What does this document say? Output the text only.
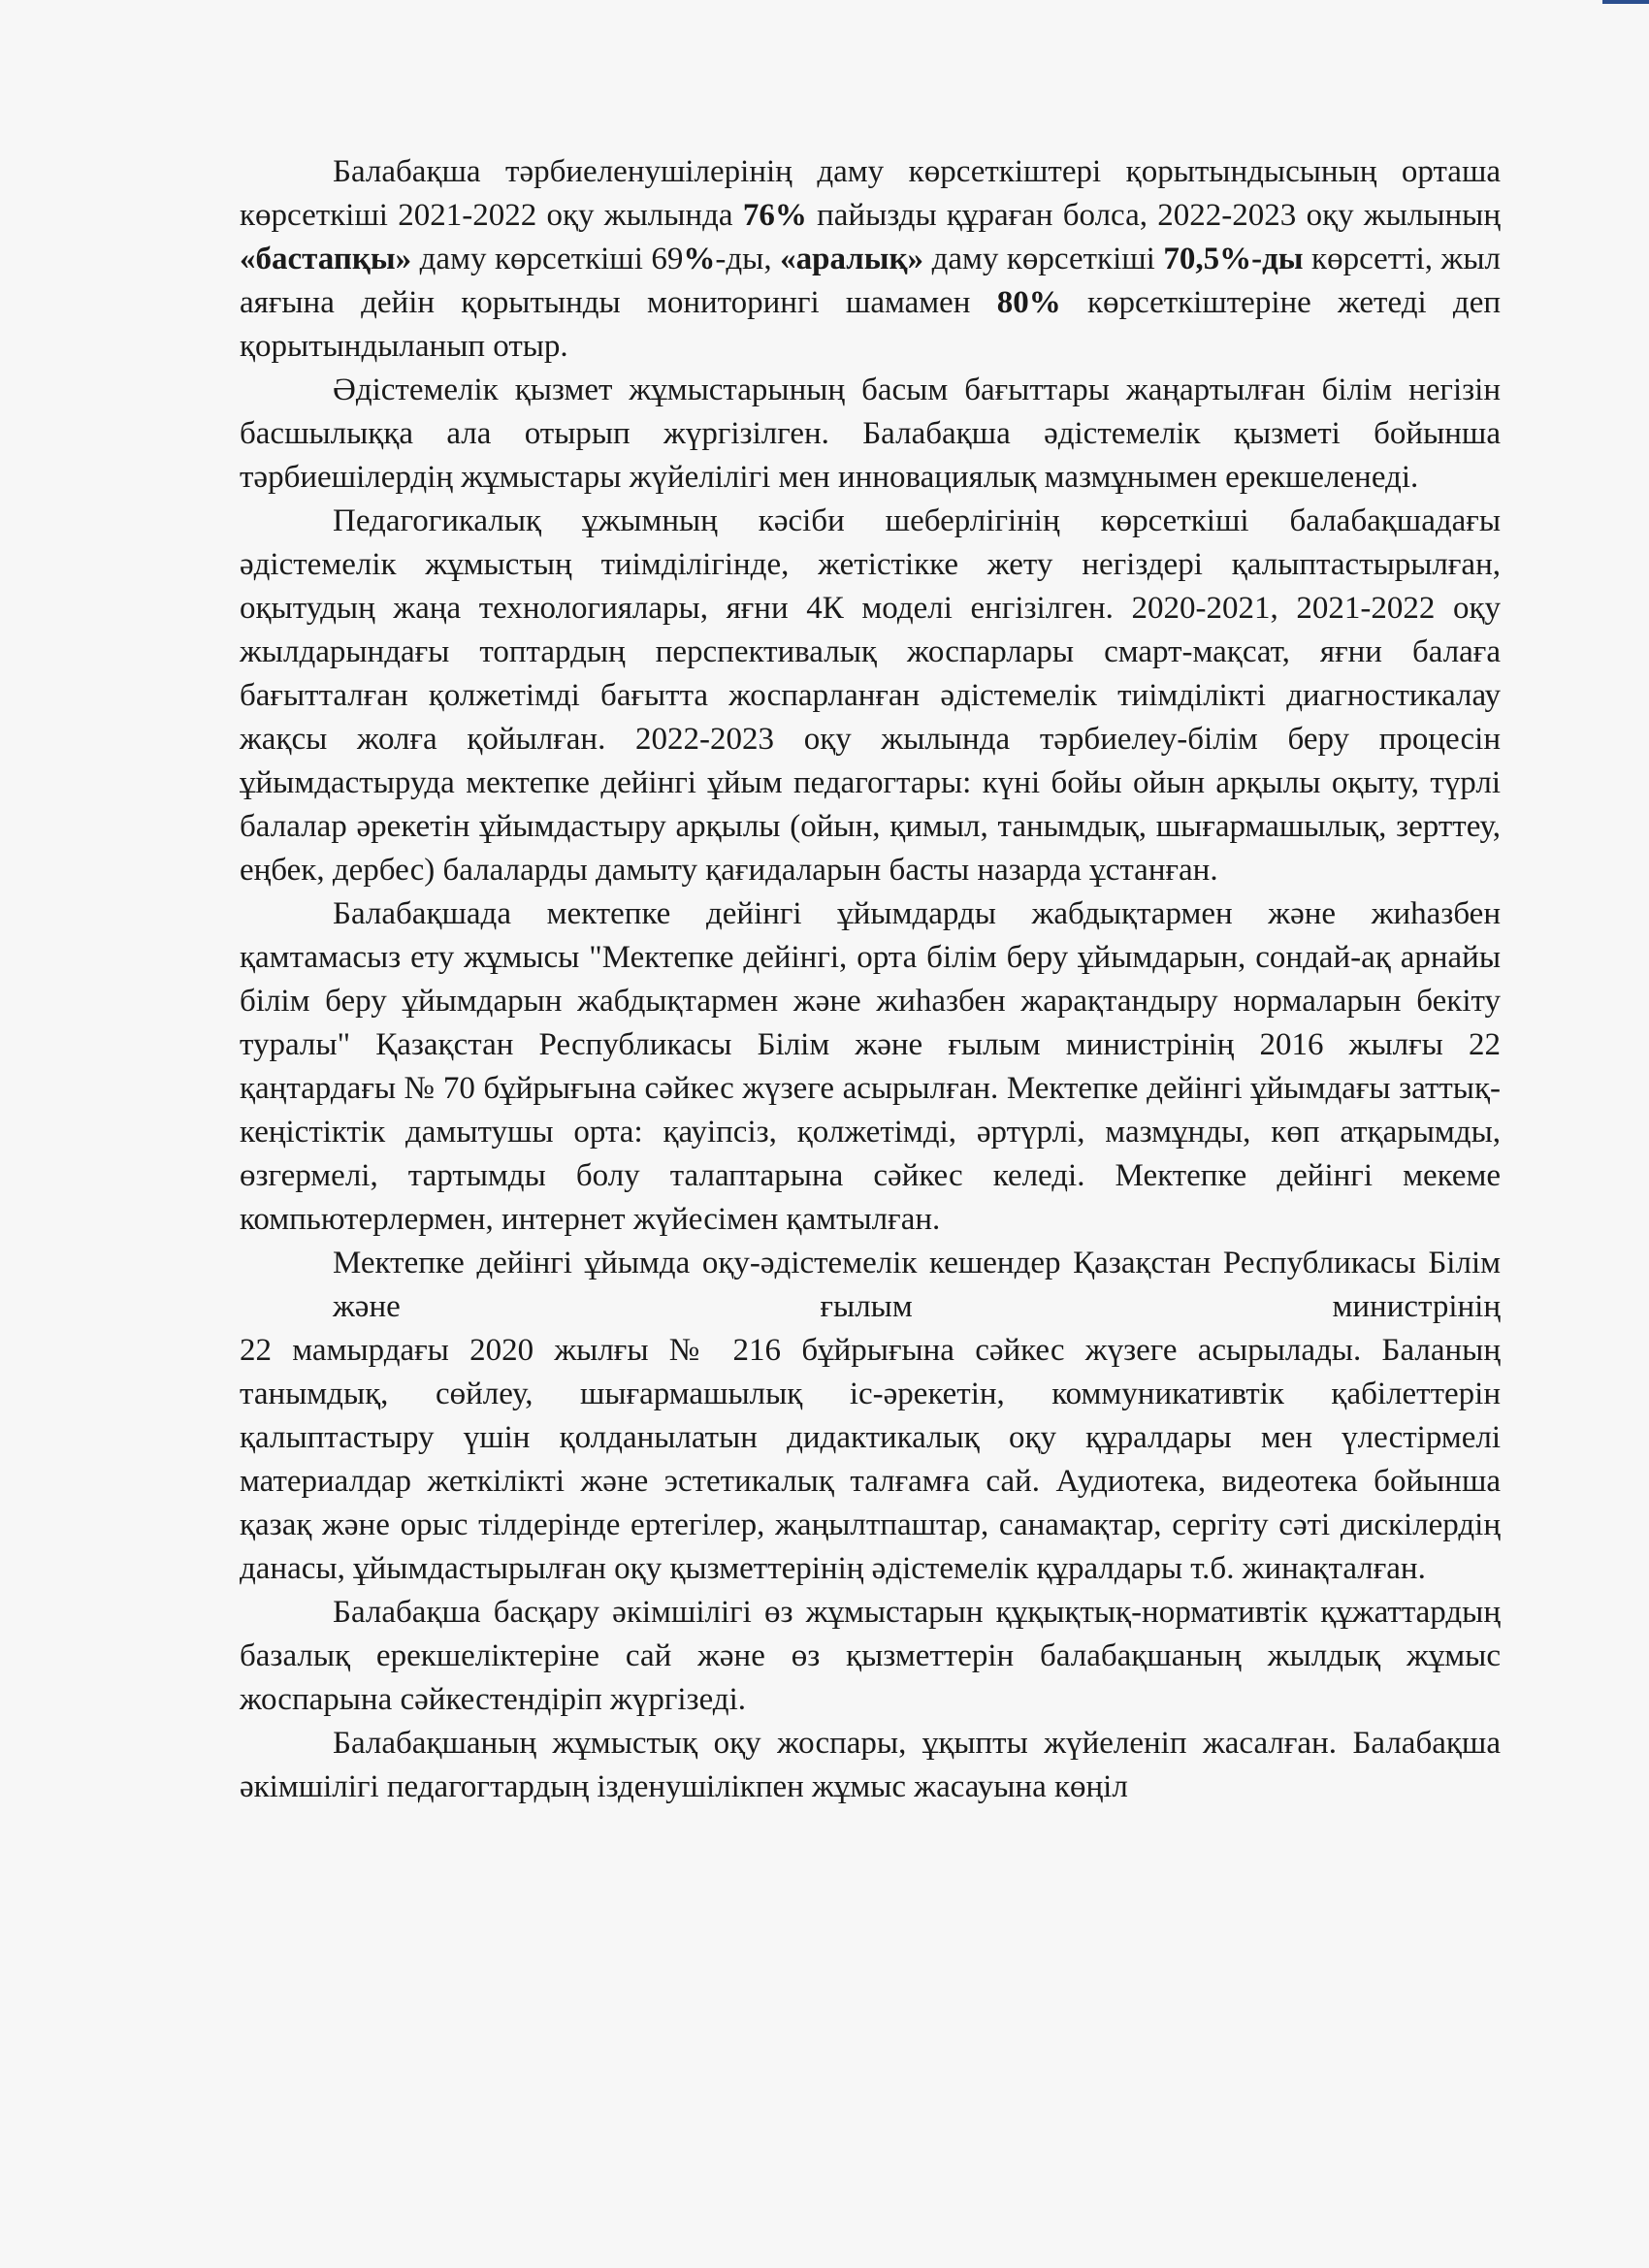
Балабақша тәрбиеленушілерінің даму көрсеткіштері қорытындысының орташа көрсеткіші 2021-2022 оқу жылында 76% пайызды құраған болса, 2022-2023 оқу жылының «бастапқы» даму көрсеткіші 69%-ды, «аралық» даму көрсеткіші 70,5%-ды көрсетті, жыл аяғына дейін қорытынды мониторингі шамамен 80% көрсеткіштеріне жетеді деп қорытындыланып отыр.

Әдістемелік қызмет жұмыстарының басым бағыттары жаңартылған білім негізін басшылыққа ала отырып жүргізілген. Балабақша әдістемелік қызметі бойынша тәрбиешілердің жұмыстары жүйелілігі мен инновациялық мазмұнымен ерекшеленеді.

Педагогикалық ұжымның кәсіби шеберлігінің көрсеткіші балабақшадағы әдістемелік жұмыстың тиімділігінде, жетістікке жету негіздері қалыптастырылған, оқытудың жаңа технологиялары, яғни 4К моделі енгізілген. 2020-2021, 2021-2022 оқу жылдарындағы топтардың перспективалық жоспарлары смарт-мақсат, яғни балаға бағытталған қолжетімді бағытта жоспарланған әдістемелік тиімділікті диагностикалау жақсы жолға қойылған. 2022-2023 оқу жылында тәрбиелеу-білім беру процесін ұйымдастыруда мектепке дейінгі ұйым педагогтары: күні бойы ойын арқылы оқыту, түрлі балалар әрекетін ұйымдастыру арқылы (ойын, қимыл, танымдық, шығармашылық, зерттеу, еңбек, дербес) балаларды дамыту қағидаларын басты назарда ұстанған.

Балабақшада мектепке дейінгі ұйымдарды жабдықтармен және жиһазбен қамтамасыз ету жұмысы "Мектепке дейінгі, орта білім беру ұйымдарын, сондай-ақ арнайы білім беру ұйымдарын жабдықтармен және жиһазбен жарақтандыру нормаларын бекіту туралы" Қазақстан Республикасы Білім және ғылым министрінің 2016 жылғы 22 қаңтардағы № 70 бұйрығына сәйкес жүзеге асырылған. Мектепке дейінгі ұйымдағы заттық-кеңістіктік дамытушы орта: қауіпсіз, қолжетімді, әртүрлі, мазмұнды, көп атқарымды, өзгермелі, тартымды болу талаптарына сәйкес келеді. Мектепке дейінгі мекеме компьютерлермен, интернет жүйесімен қамтылған.

Мектепке дейінгі ұйымда оқу-әдістемелік кешендер Қазақстан Республикасы Білім және ғылым министрінің
22 мамырдағы 2020 жылғы № 216 бұйрығына сәйкес жүзеге асырылады. Баланың танымдық, сөйлеу, шығармашылық іс-әрекетін, коммуникативтік қабілеттерін қалыптастыру үшін қолданылатын дидактикалық оқу құралдары мен үлестірмелі материалдар жеткілікті және эстетикалық талғамға сай. Аудиотека, видеотека бойынша қазақ және орыс тілдерінде ертегілер, жаңылтпаштар, санамақтар, сергіту сәті дискілердің данасы, ұйымдастырылған оқу қызметтерінің әдістемелік құралдары т.б. жинақталған.

Балабақша басқару әкімшілігі өз жұмыстарын құқықтық-нормативтік құжаттардың базалық ерекшеліктеріне сай және өз қызметтерін балабақшаның жылдық жұмыс жоспарына сәйкестендіріп жүргізеді.

Балабақшаның жұмыстық оқу жоспары, ұқыпты жүйеленіп жасалған. Балабақша әкімшілігі педагогтардың ізденушілікпен жұмыс жасауына көңіл
